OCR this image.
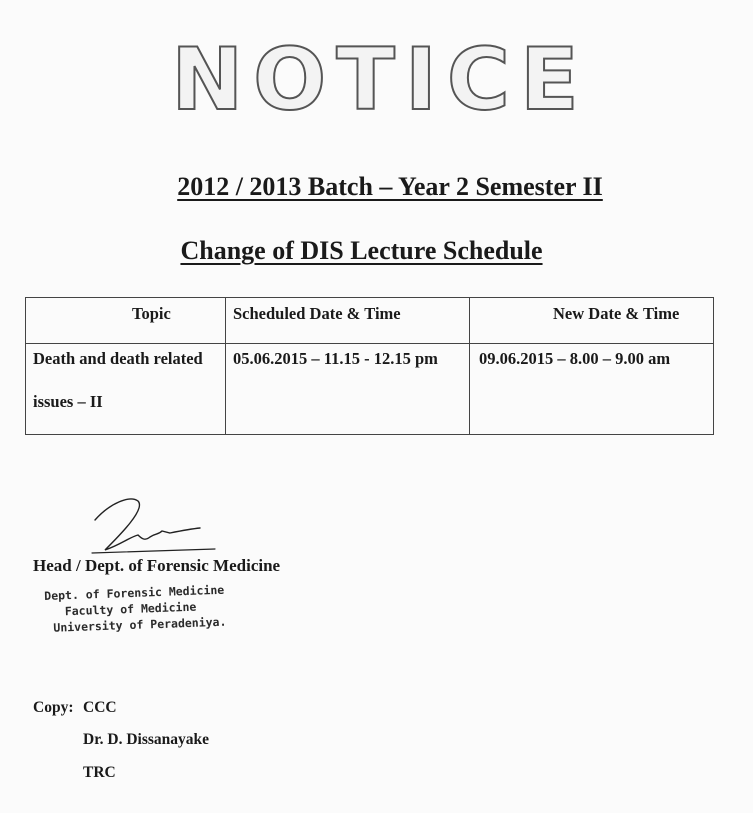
NOTICE
2012 / 2013 Batch – Year 2 Semester II
Change of DIS Lecture Schedule
Topic	Scheduled Date & Time	New Date & Time

Death and death related
issues – II	05.06.2015 – 11.15 - 12.15 pm	09.06.2015 – 8.00 – 9.00 am
Head / Dept. of Forensic Medicine
Dept. of Forensic Medicine
Faculty of Medicine
University of Peradeniya.
Copy: CCC
Dr. D. Dissanayake
TRC
